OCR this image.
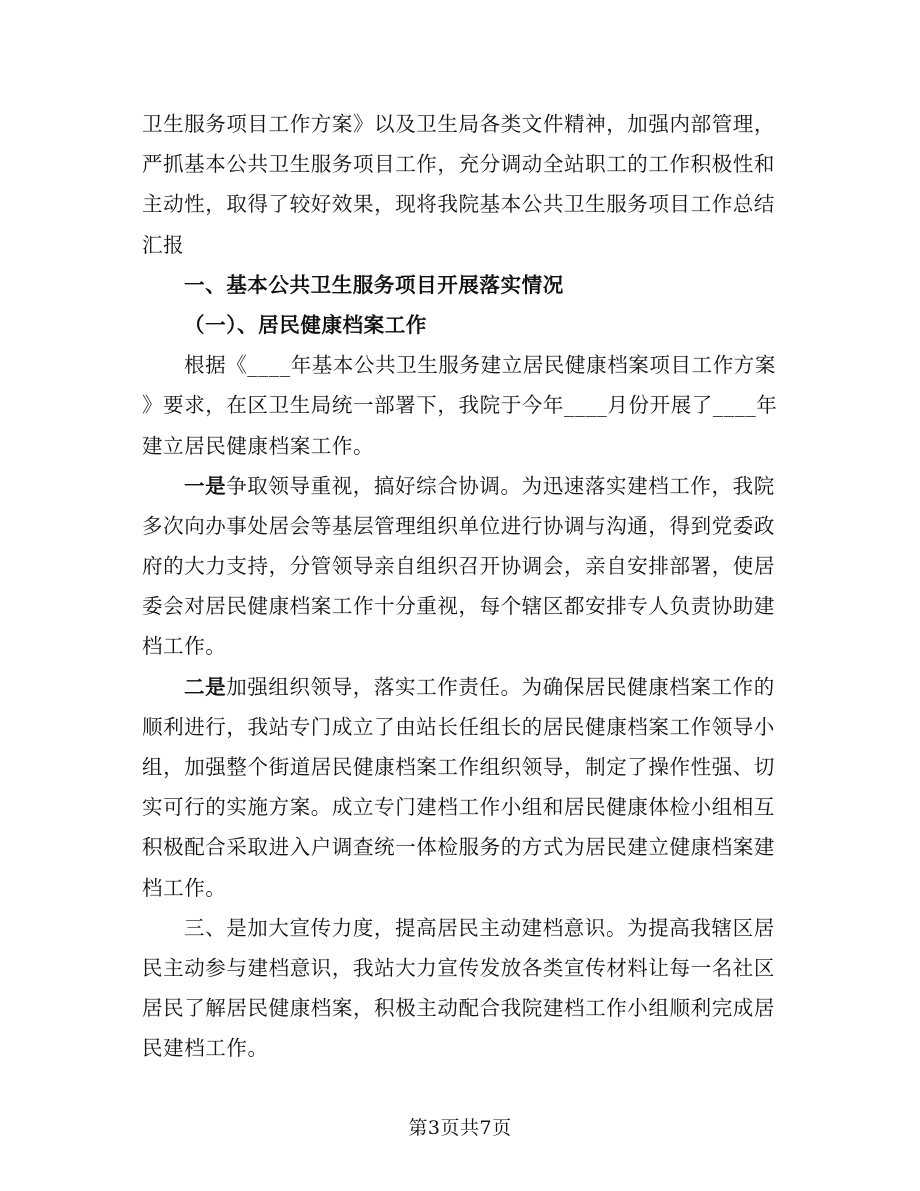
卫生服务项目工作方案》以及卫生局各类文件精神，加强内部管理，
严抓基本公共卫生服务项目工作，充分调动全站职工的工作积极性和
主动性，取得了较好效果，现将我院基本公共卫生服务项目工作总结
汇报
一、基本公共卫生服务项目开展落实情况
（一）、居民健康档案工作
根据《____年基本公共卫生服务建立居民健康档案项目工作方案
》要求，在区卫生局统一部署下，我院于今年____月份开展了____年
建立居民健康档案工作。
一是争取领导重视，搞好综合协调。为迅速落实建档工作，我院
多次向办事处居会等基层管理组织单位进行协调与沟通，得到党委政
府的大力支持，分管领导亲自组织召开协调会，亲自安排部署，使居
委会对居民健康档案工作十分重视，每个辖区都安排专人负责协助建
档工作。
二是加强组织领导，落实工作责任。为确保居民健康档案工作的
顺利进行，我站专门成立了由站长任组长的居民健康档案工作领导小
组，加强整个街道居民健康档案工作组织领导，制定了操作性强、切
实可行的实施方案。成立专门建档工作小组和居民健康体检小组相互
积极配合采取进入户调查统一体检服务的方式为居民建立健康档案建
档工作。
三、是加大宣传力度，提高居民主动建档意识。为提高我辖区居
民主动参与建档意识，我站大力宣传发放各类宣传材料让每一名社区
居民了解居民健康档案，积极主动配合我院建档工作小组顺利完成居
民建档工作。
第3页共7页
